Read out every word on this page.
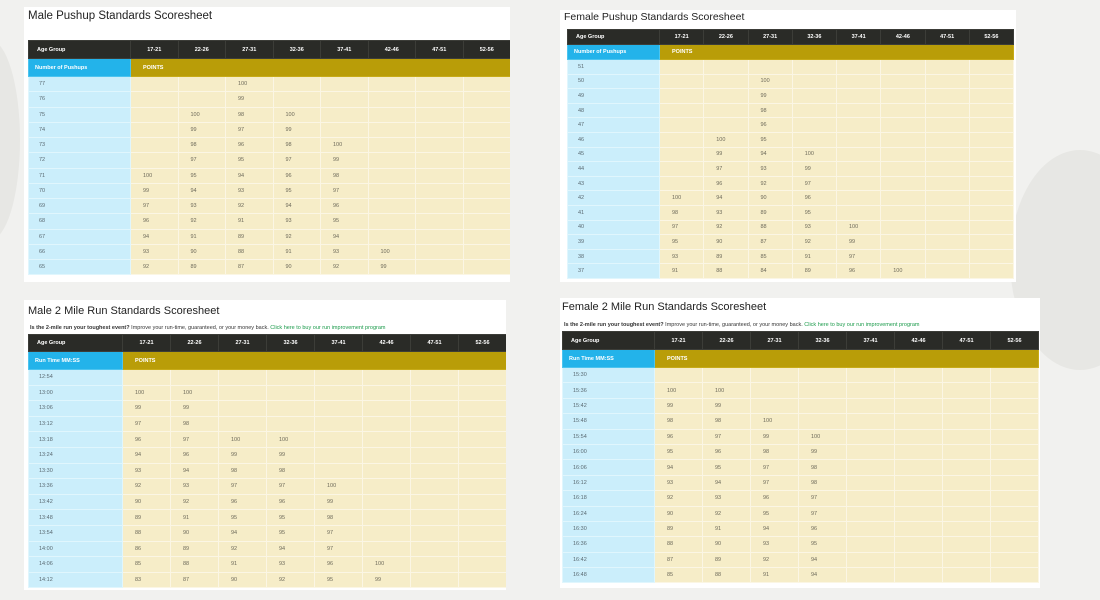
Male Pushup Standards Scoresheet
Age Group	17-21	22-26	27-31	32-36	37-41	42-46	47-51	52-56
Number of Pushups	POINTS							
77			100					
76			99					
75		100	98	100				
74		99	97	99				
73		98	96	98	100			
72		97	95	97	99			
71	100	95	94	96	98			
70	99	94	93	95	97			
69	97	93	92	94	96			
68	96	92	91	93	95			
67	94	91	89	92	94			
66	93	90	88	91	93	100		
65	92	89	87	90	92	99		
Female Pushup Standards Scoresheet
Age Group	17-21	22-26	27-31	32-36	37-41	42-46	47-51	52-56
Number of Pushups	POINTS							
51								
50			100					
49			99					
48			98					
47			96					
46		100	95					
45		99	94	100				
44		97	93	99				
43		96	92	97				
42	100	94	90	96				
41	98	93	89	95				
40	97	92	88	93	100			
39	95	90	87	92	99			
38	93	89	85	91	97			
37	91	88	84	89	96	100		
Male 2 Mile Run Standards Scoresheet
Is the 2-mile run your toughest event? Improve your run-time, guaranteed, or your money back. Click here to buy our run improvement program
Age Group	17-21	22-26	27-31	32-36	37-41	42-46	47-51	52-56
Run Time MM:SS	POINTS							
12:54								
13:00	100	100						
13:06	99	99						
13:12	97	98						
13:18	96	97	100	100				
13:24	94	96	99	99				
13:30	93	94	98	98				
13:36	92	93	97	97	100			
13:42	90	92	96	96	99			
13:48	89	91	95	95	98			
13:54	88	90	94	95	97			
14:00	86	89	92	94	97			
14:06	85	88	91	93	96	100		
14:12	83	87	90	92	95	99		
Female 2 Mile Run Standards Scoresheet
Is the 2-mile run your toughest event? Improve your run-time, guaranteed, or your money back. Click here to buy our run improvement program
Age Group	17-21	22-26	27-31	32-36	37-41	42-46	47-51	52-56
Run Time MM:SS	POINTS							
15:30								
15:36	100	100						
15:42	99	99						
15:48	98	98	100					
15:54	96	97	99	100				
16:00	95	96	98	99				
16:06	94	95	97	98				
16:12	93	94	97	98				
16:18	92	93	96	97				
16:24	90	92	95	97				
16:30	89	91	94	96				
16:36	88	90	93	95				
16:42	87	89	92	94				
16:48	85	88	91	94				
